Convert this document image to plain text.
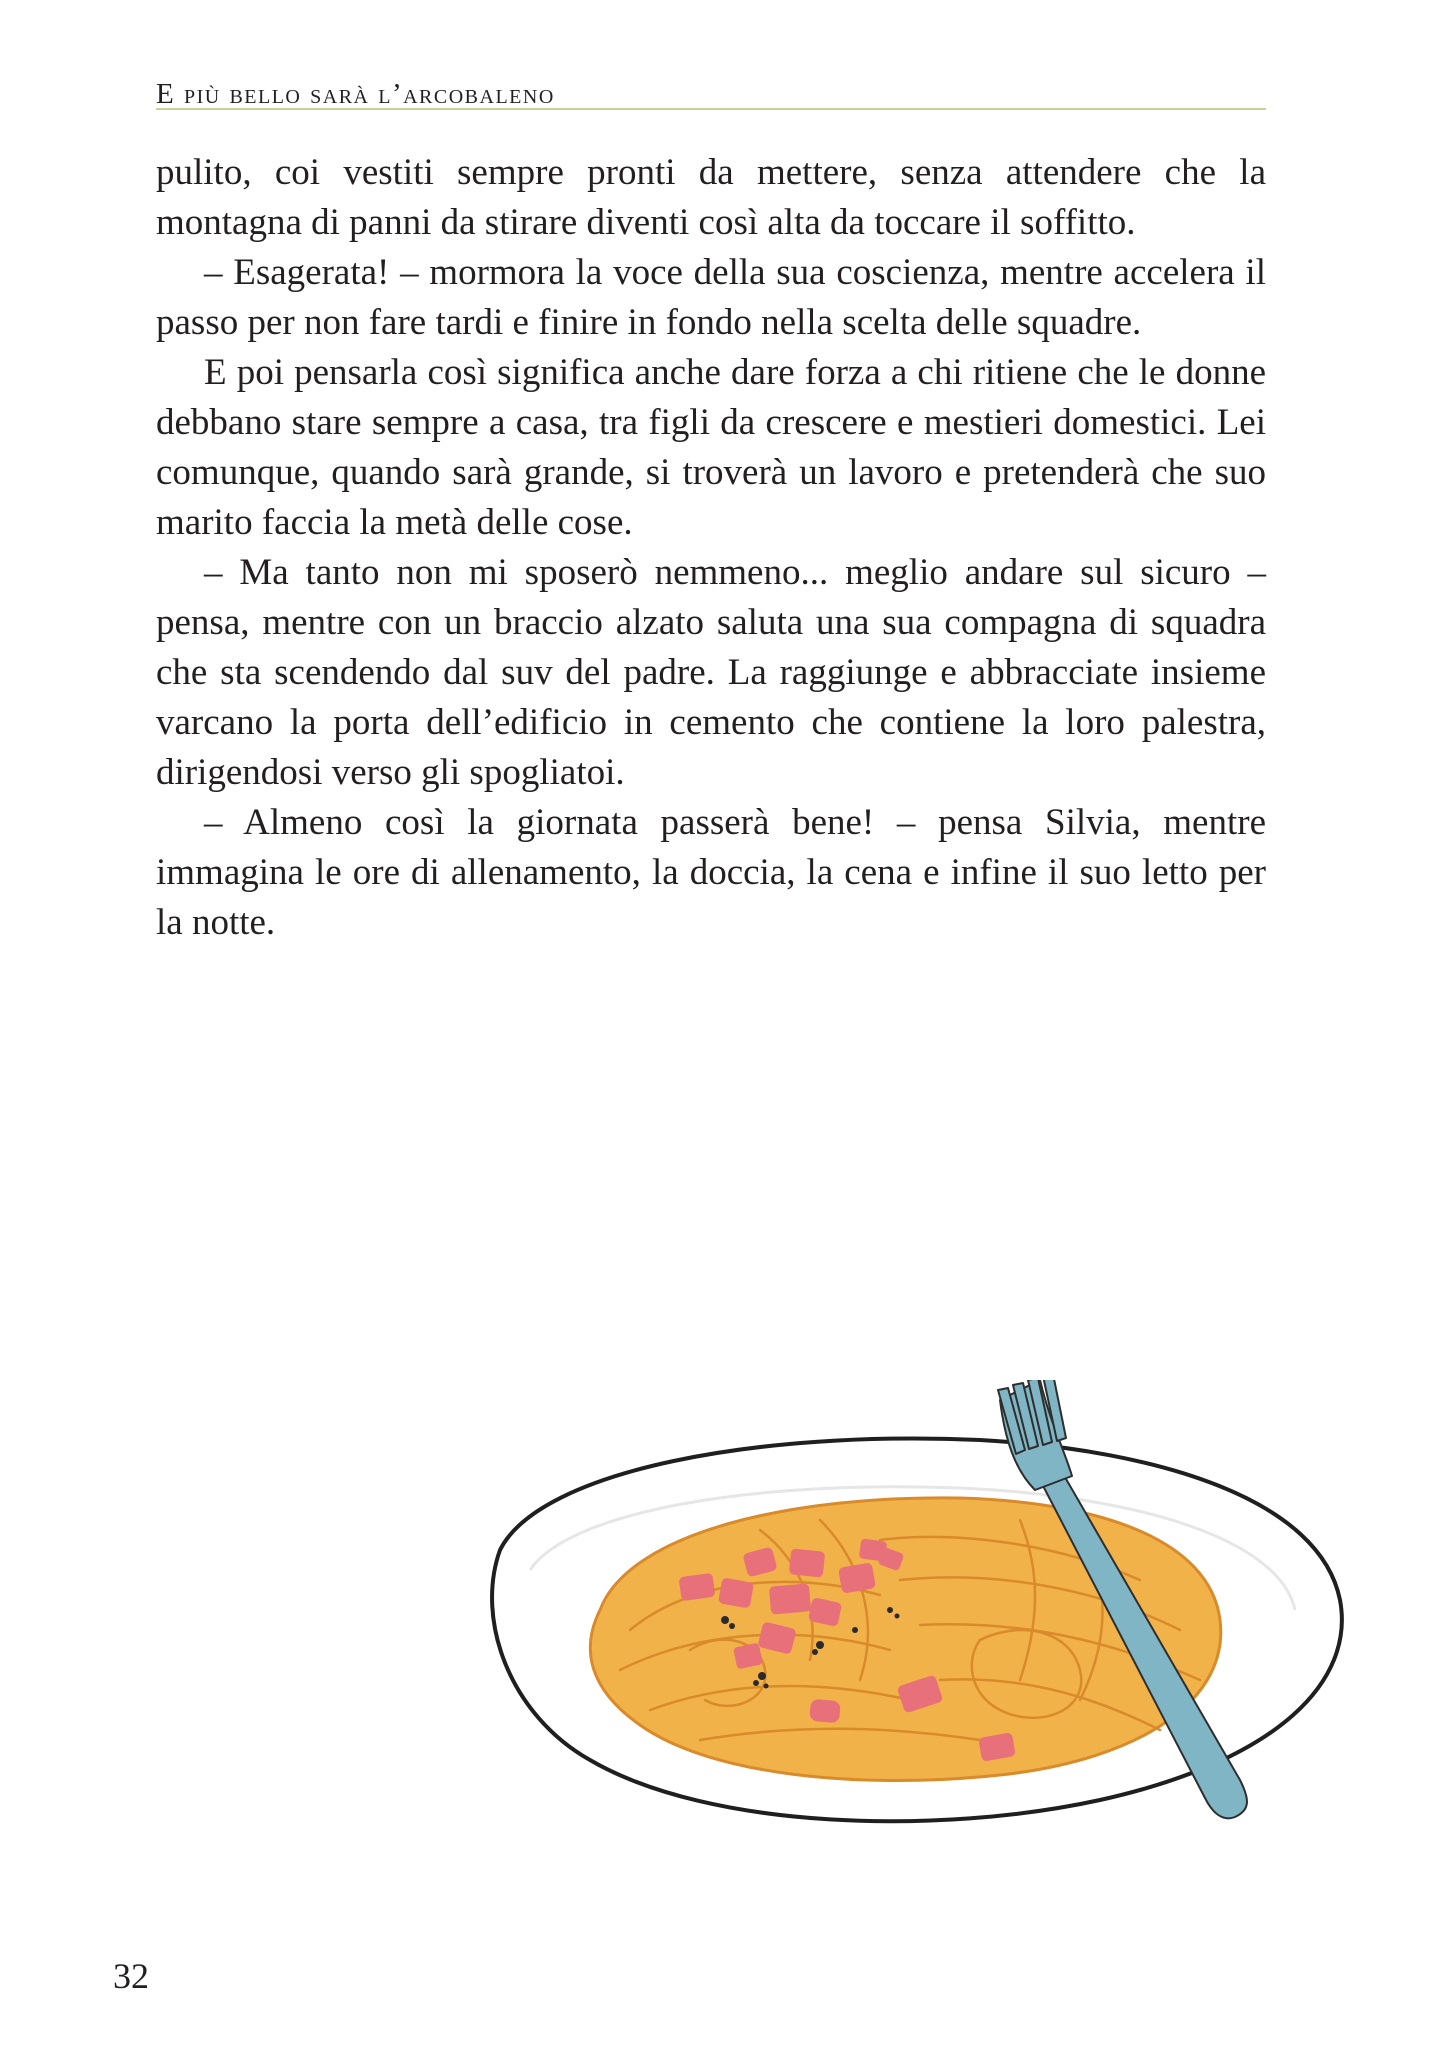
E più bello sarà l’arcobaleno

pulito, coi vestiti sempre pronti da mettere, senza attendere che la montagna di panni da stirare diventi così alta da toccare il soffitto.

– Esagerata! – mormora la voce della sua coscienza, mentre accelera il passo per non fare tardi e finire in fondo nella scelta delle squadre.

E poi pensarla così significa anche dare forza a chi ritiene che le donne debbano stare sempre a casa, tra figli da crescere e mestieri domestici. Lei comunque, quando sarà grande, si troverà un lavoro e pretenderà che suo marito faccia la metà delle cose.

– Ma tanto non mi sposerò nemmeno... meglio andare sul sicuro – pensa, mentre con un braccio alzato saluta una sua compagna di squadra che sta scendendo dal suv del padre. La raggiunge e abbracciate insieme varcano la porta dell’edificio in cemento che contiene la loro palestra, dirigendosi verso gli spogliatoi.

– Almeno così la giornata passerà bene! – pensa Silvia, mentre immagina le ore di allenamento, la doccia, la cena e infine il suo letto per la notte.

32
